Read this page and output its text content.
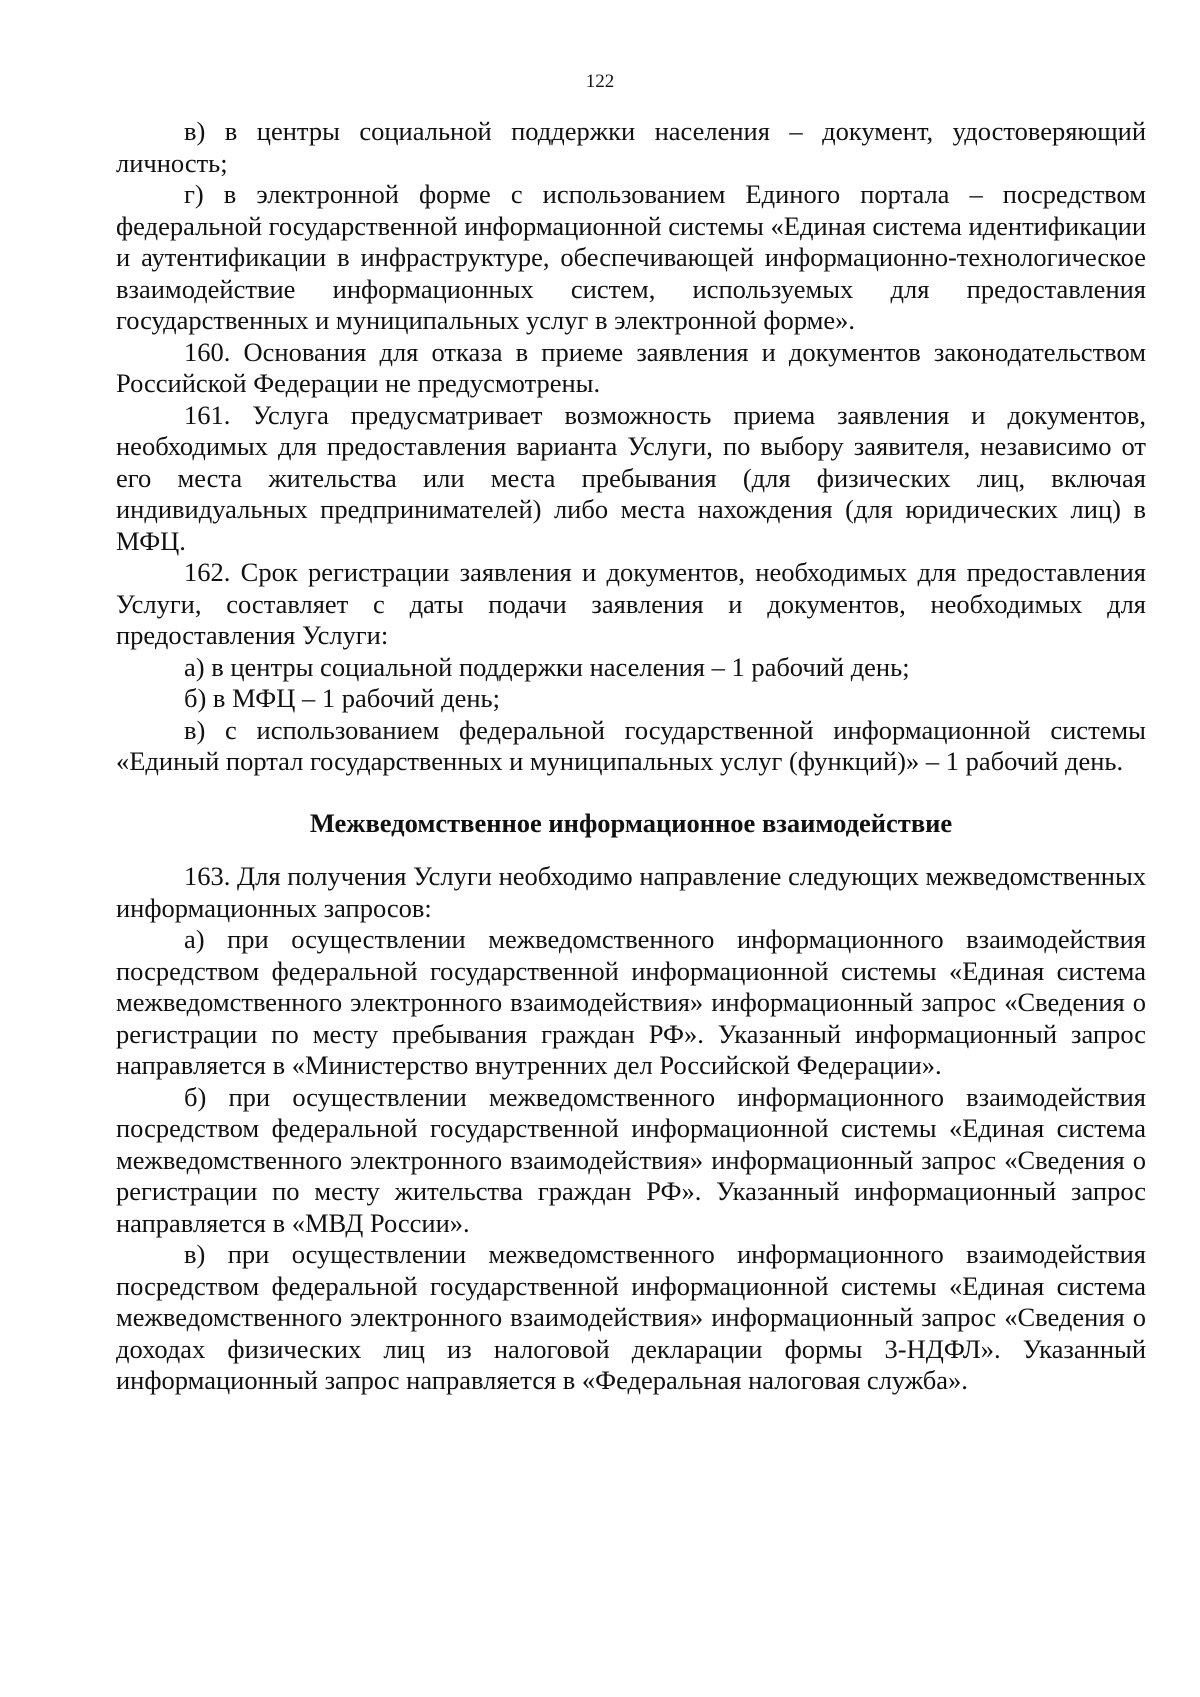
122

в) в центры социальной поддержки населения – документ, удостоверяющий личность;

г) в электронной форме с использованием Единого портала – посредством федеральной государственной информационной системы «Единая система идентификации и аутентификации в инфраструктуре, обеспечивающей информационно-технологическое взаимодействие информационных систем, используемых для предоставления государственных и муниципальных услуг в электронной форме».

160. Основания для отказа в приеме заявления и документов законодательством Российской Федерации не предусмотрены.

161. Услуга предусматривает возможность приема заявления и документов, необходимых для предоставления варианта Услуги, по выбору заявителя, независимо от его места жительства или места пребывания (для физических лиц, включая индивидуальных предпринимателей) либо места нахождения (для юридических лиц) в МФЦ.

162. Срок регистрации заявления и документов, необходимых для предоставления Услуги, составляет с даты подачи заявления и документов, необходимых для предоставления Услуги:

а) в центры социальной поддержки населения – 1 рабочий день;

б) в МФЦ – 1 рабочий день;

в) с использованием федеральной государственной информационной системы «Единый портал государственных и муниципальных услуг (функций)» – 1 рабочий день.

Межведомственное информационное взаимодействие

163. Для получения Услуги необходимо направление следующих межведомственных информационных запросов:

а) при осуществлении межведомственного информационного взаимодействия посредством федеральной государственной информационной системы «Единая система межведомственного электронного взаимодействия» информационный запрос «Сведения о регистрации по месту пребывания граждан РФ». Указанный информационный запрос направляется в «Министерство внутренних дел Российской Федерации».

б) при осуществлении межведомственного информационного взаимодействия посредством федеральной государственной информационной системы «Единая система межведомственного электронного взаимодействия» информационный запрос «Сведения о регистрации по месту жительства граждан РФ». Указанный информационный запрос направляется в «МВД России».

в) при осуществлении межведомственного информационного взаимодействия посредством федеральной государственной информационной системы «Единая система межведомственного электронного взаимодействия» информационный запрос «Сведения о доходах физических лиц из налоговой декларации формы 3-НДФЛ». Указанный информационный запрос направляется в «Федеральная налоговая служба».
